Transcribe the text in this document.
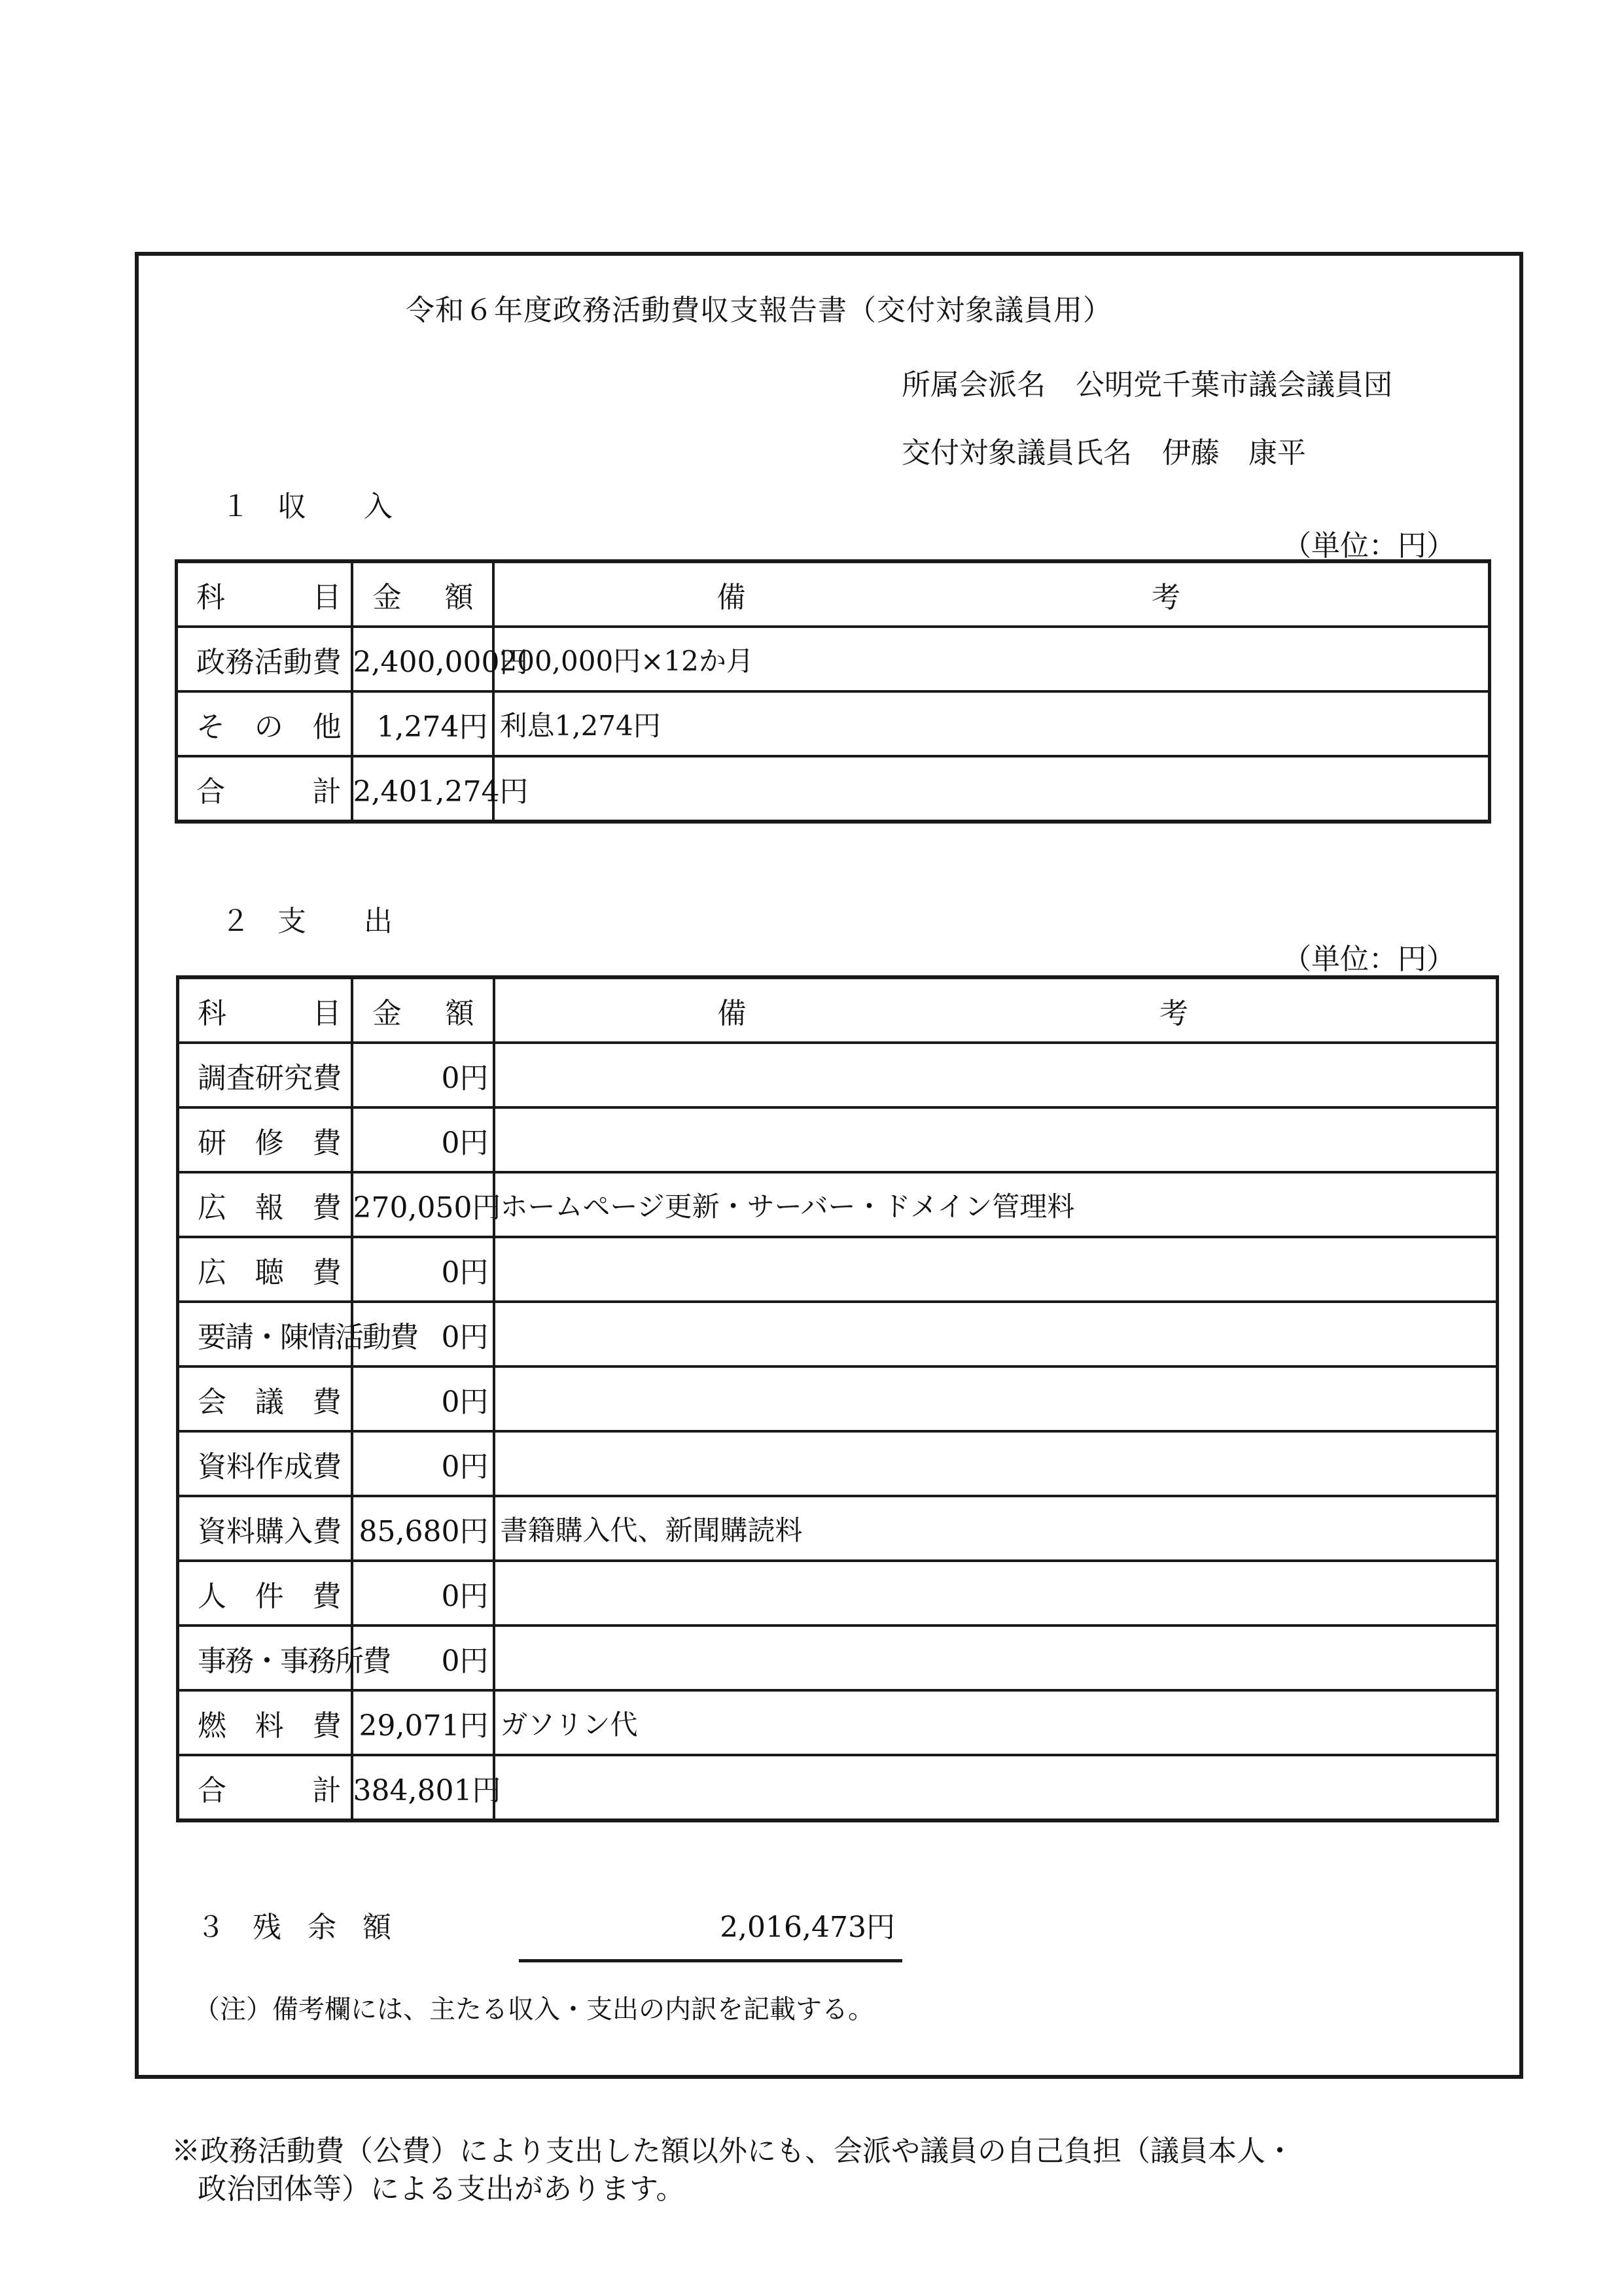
令和６年度政務活動費収支報告書（交付対象議員用）
所属会派名 公明党千葉市議会議員団
交付対象議員氏名 伊藤　康平
１ 収　　入
（単位：円）
科目	金 額	備 考

政務活動費	2,400,000円	200,000円×12か月

その他	1,274円	利息1,274円

合計	2,401,274円	
２ 支　　出
（単位：円）
科目	金 額	備 考

調査研究費	0円	

研修費	0円	

広報費	270,050円	ホームページ更新・サーバー・ドメイン管理料

広聴費	0円	

要請・陳情活動費	0円	

会議費	0円	

資料作成費	0円	

資料購入費	85,680円	書籍購入代、新聞購読料

人件費	0円	

事務・事務所費	0円	

燃料費	29,071円	ガソリン代

合計	384,801円	
３ 残余額	2,016,473円
（注）備考欄には、主たる収入・支出の内訳を記載する。
※政務活動費（公費）により支出した額以外にも、会派や議員の自己負担（議員本人・
政治団体等）による支出があります。
